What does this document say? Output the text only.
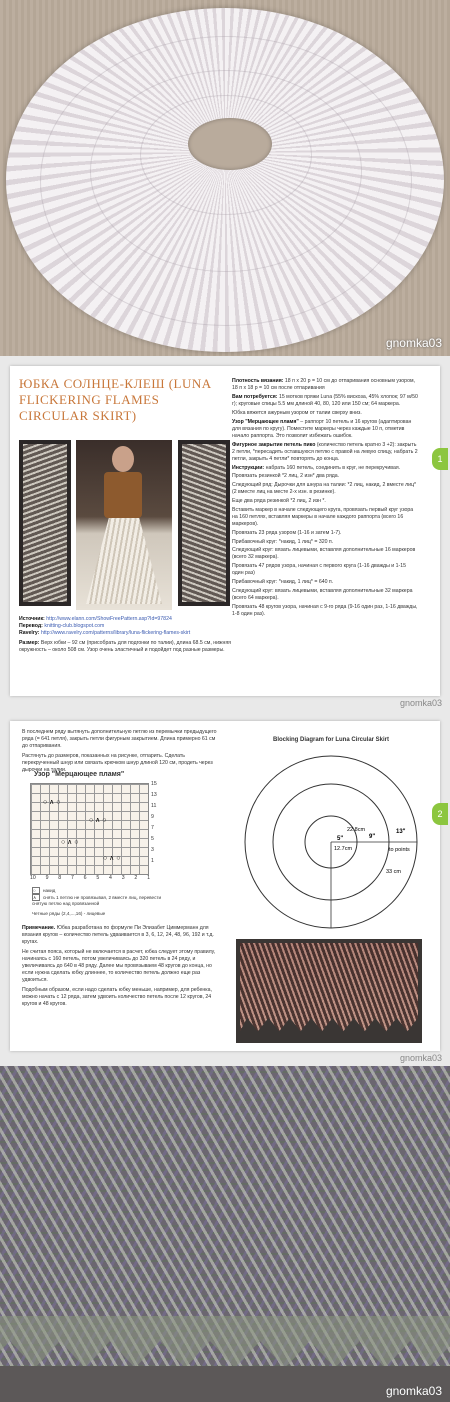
gnomka03
ЮБКА СОЛНЦЕ-КЛЕШ (LUNA FLICKERING FLAMES CIRCULAR SKIRT)
Источник: http://www.elann.com/ShowFreePattern.asp?Id=97824
Перевод: knitting-club.blogspot.com
Ravelry: http://www.ravelry.com/patterns/library/luna-flickering-flames-skirt
Размер: Верх юбки – 92 см (присобрать для подгонки по талии), длина 68.5 см, нижняя окружность – около 508 см. Узор очень эластичный и подойдет под разные размеры.
Плотность вязания: 18 п x 20 р = 10 см до отпаривания основным узором, 18 п x 18 р = 10 см после отпаривания
Вам потребуется: 15 мотков пряжи Luna (55% вискоза, 45% хлопок; 97 м/50 г); круговые спицы 5.5 мм длиной 40, 80, 120 или 150 см; 64 маркера.
Юбка вяжется ажурным узором от талии сверху вниз.
Узор "Мерцающее пламя" – раппорт 10 петель и 16 кругов (адаптирован для вязания по кругу). Поместите маркеры через каждые 10 п, отметив начало раппорта. Это позволит избежать ошибок.
Фигурное закрытие петель пико (количество петель кратно 3 +2): закрыть 2 петли, *пересадить оставшуюся петлю с правой на левую спицу, набрать 2 петли, закрыть 4 петли* повторять до конца.
Инструкции: набрать 160 петель, соединить в круг, не перекручивая.
Провязать резинкой *2 лиц, 2 изн* два ряда.
Следующий ряд: Дырочки для шнура на талии: *2 лиц, накид, 2 вместе лиц* (2 вместе лиц на месте 2-х изн. в резинке).
Еще два ряда резинкой *2 лиц, 2 изн *.
Вставить маркер в начале следующего круга, провязать первый круг узора на 160 петлях, вставляя маркеры в начале каждого раппорта (всего 16 маркеров).
Провязать 23 ряда узором (1-16 и затем 1-7).
Прибавочный круг: *накид, 1 лиц* = 320 п.
Следующий круг: вязать лицевыми, вставляя дополнительные 16 маркеров (всего 32 маркера).
Провязать 47 рядов узора, начиная с первого круга (1-16 дважды и 1-15 один раз)
Прибавочный круг: *накид, 1 лиц* = 640 п.
Следующий круг: вязать лицевыми, вставляя дополнительные 32 маркера (всего 64 маркера).
Провязать 48 кругов узора, начиная с 9-го ряда (9-16 один раз, 1-16 дважды, 1-8 один раз).
1
gnomka03
В последнем ряду вытянуть дополнительную петлю из перемычки предыдущего ряда (= 641 петля), закрыть петли фигурным закрытием. Длина примерно 61 см до отпаривания.
Растянуть до размеров, показанных на рисунке, отпарить. Сделать перекрученный шнур или связать крючком шнур длиной 120 см, продеть через дырочки на талии.
Узор "Мерцающее пламя"
○ ∧ ○
○ ∧ ○
○ ∧ ○
○ ∧ ○
15
13
11
9
7
5
3
1
10 9 8 7 6 5 4 3 2 1
○ накид
∧ снять 1 петлю не провязывая, 2 вместе лиц, перевести снятую петлю над провязанной
Четные ряды (2,4,...,16) - лицевые
Примечание. Юбка разработана по формуле Пи Элизабет Циммерманн для вязания кругов – количество петель удваивается в 3, 6, 12, 24, 48, 96, 192 и т.д. кругах.
Не считая пояса, который не включается в расчет, юбка следует этому правилу, начинаясь с 160 петель, потом увеличиваясь до 320 петель в 24 ряду, и увеличиваясь до 640 в 48 ряду. Далее мы провязываем 48 кругов до конца, но если нужна сделать юбку длиннее, то количество петель должно еще раз удвоиться.
Подобным образом, если надо сделать юбку меньше, например, для ребенка, можно начать с 12 ряда, затем удвоить количество петель после 12 кругов, 24 кругов и 48 кругов.
Blocking Diagram for Luna Circular Skirt
22.8cm
5"
12.7cm
9"
13"
to points
33 cm
2
gnomka03
gnomka03
